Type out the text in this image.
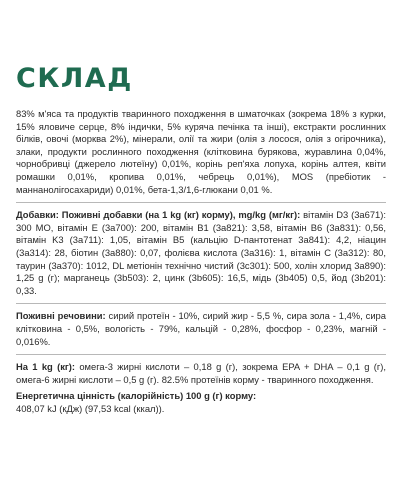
СКЛАД

83% м'яса та продуктів тваринного походження в шматочках (зокрема 18% з курки, 15% яловиче серце, 8% індички, 5% куряча печінка та інші), екстракти рослинних білків, овочі (морква 2%), мінерали, олії та жири (олія з лосося, олія з огірочника), злаки, продукти рослинного походження (клітковина бурякова, журавлина 0,04%, чорнобривці (джерело лютеїну) 0,01%, корінь реп'яха лопуха, корінь алтея, квіти ромашки 0,01%, кропива 0,01%, чебрець 0,01%), MOS (пребіотик - маннанолігосахариди) 0,01%, бета-1,3/1,6-глюкани 0,01 %.

Добавки: Поживні добавки (на 1 kg (кг) корму), mg/kg (мг/кг): вітамін D3 (3a671): 300 МО, вітамін E (3a700): 200, вітамін B1 (3a821): 3,58, вітамін B6 (3a831): 0,56, вітамін K3 (3a711): 1,05, вітамін B5 (кальцію D-пантотенат 3a841): 4,2, ніацин (3a314): 28, біотин (3a880): 0,07, фолієва кислота (3a316): 1, вітамін C (3a312): 80, таурин (3a370): 1012, DL метіонін технічно чистий (3c301): 500, холін хлорид 3a890): 1,25 g (г); марганець (3b503): 2, цинк (3b605): 16,5, мідь (3b405) 0,5, йод (3b201): 0,33.

Поживні речовини: сирий протеїн - 10%, сирий жир - 5,5 %, сира зола - 1,4%, сира клітковина - 0,5%, вологість - 79%, кальцій - 0,28%, фосфор - 0,23%, магній - 0,016%.

На 1 kg (кг): омега-3 жирні кислоти – 0,18 g (г), зокрема EPA + DHA – 0,1 g (г), омега-6 жирні кислоти – 0,5 g (г). 82.5% протеїнів корму - тваринного походження.

Енергетична цінність (калорійність) 100 g (г) корму:
408,07 kJ (кДж) (97,53 kcal (ккал)).
